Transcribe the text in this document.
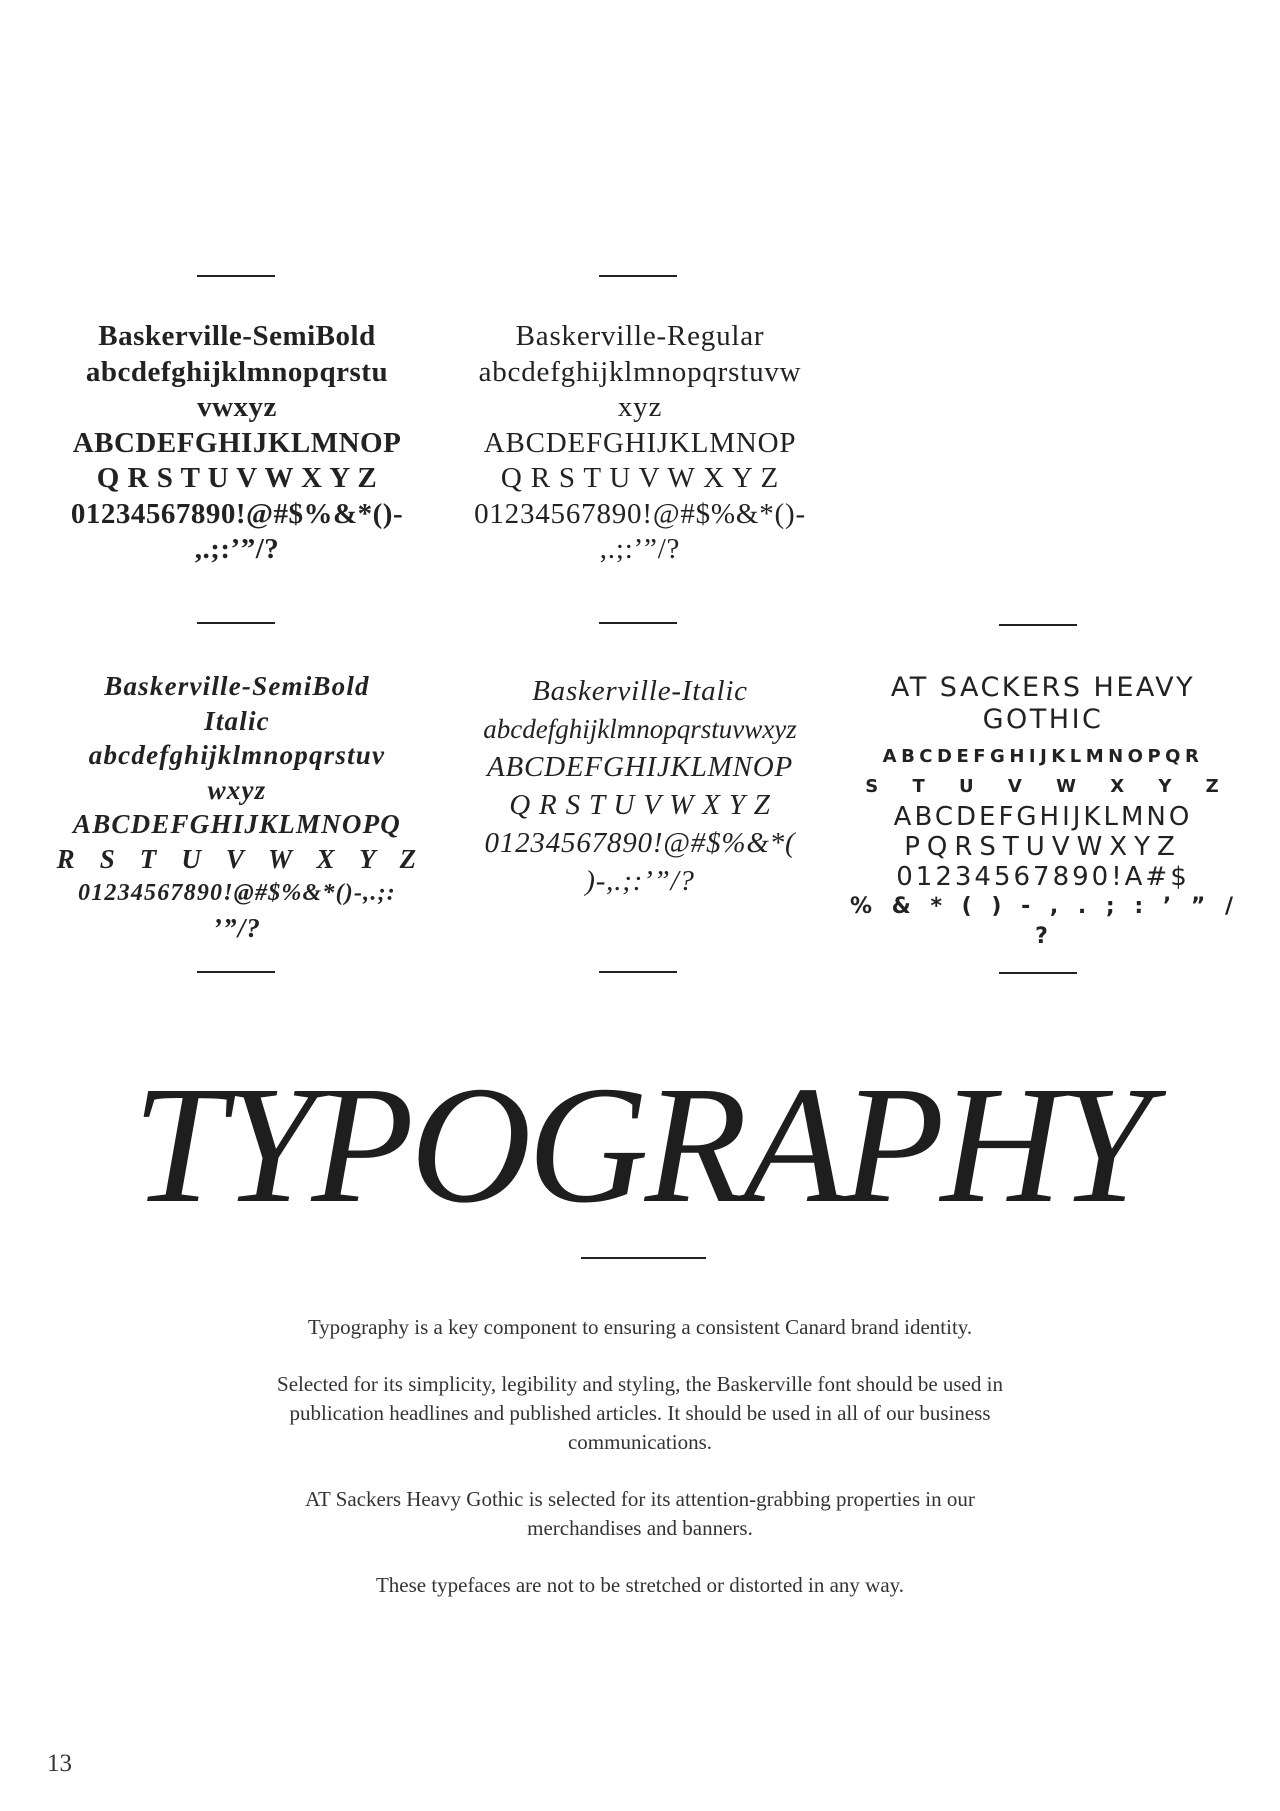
Baskerville-SemiBold
abcdefghijklmnopqrstu
vwxyz
ABCDEFGHIJKLMNOP
Q R S T U V W X Y Z
01234567890!@#$%&*()-
,.;:’”/?
Baskerville-Regular
abcdefghijklmnopqrstuvw
xyz
ABCDEFGHIJKLMNOP
Q R S T U V W X Y Z
01234567890!@#$%&*()-
,.;:’”/?
Baskerville-SemiBold Italic
abcdefghijklmnopqrstuv
wxyz
ABCDEFGHIJKLMNOPQ
R   S   T   U   V   W   X   Y   Z
01234567890!@#$%&*()-,.;:
’”/?
Baskerville-Italic
abcdefghijklmnopqrstuvwxyz
ABCDEFGHIJKLMNOP
Q R S T U V W X Y Z
01234567890!@#$%&*(
)-,.;:’”/?
AT SACKERS HEAVY GOTHIC
ABCDEFGHIJKLMNOPQR
S T U V W X Y Z
ABCDEFGHIJKLMNO
PQRSTUVWXYZ
01234567890!A#$
% & * ( ) - , . ; : ’ ” / ?
TYPOGRAPHY

Typography is a key component to ensuring a consistent Canard brand identity.

Selected for its simplicity, legibility and styling, the Baskerville font should be used in publication headlines and published articles. It should be used in all of our business communications.

AT Sackers Heavy Gothic is selected for its attention-grabbing properties in our merchandises and banners.

These typefaces are not to be stretched or distorted in any way.

13
